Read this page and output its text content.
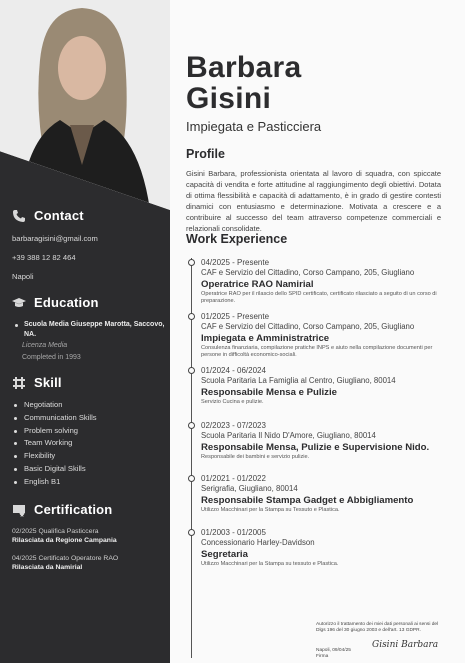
Contact
barbaragisini@gmail.com
+39 388 12 82 464
Napoli
Education
Scuola Media Giuseppe Marotta, Saccovo, NA.
Licenza Media
Completed in 1993
Skill
Negotiation
Communication Skills
Problem solving
Team Working
Flexibility
Basic Digital Skills
English B1
Certification
02/2025 Qualifica Pasticcera
Rilasciata da Regione Campania
04/2025 Certificato Operatore RAO
Rilasciata da Namirial
Barbara
Gisini
Impiegata e Pasticciera
Profile
Gisini Barbara, professionista orientata al lavoro di squadra, con spiccate capacità di vendita e forte attitudine al raggiungimento degli obiettivi. Dotata di ottima flessibilità e capacità di adattamento, è in grado di gestire contesti dinamici con entusiasmo e determinazione. Motivata a crescere e a contribuire al successo del team attraverso competenze commerciali e relazionali consolidate.
Work Experience
04/2025 - Presente
CAF e Servizio del Cittadino, Corso Campano, 205, Giugliano
Operatrice RAO Namirial
Operatrice RAO per il rilascio dello SPID certificato, certificato rilasciato a seguito di un corso di preparazione.
01/2025 - Presente
CAF e Servizio del Cittadino, Corso Campano, 205, Giugliano
Impiegata e Amministratrice
Consulenza finanziaria, compilazione pratiche INPS e aiuto nella compilazione documenti per persone in difficoltà economico-sociali.
01/2024 - 06/2024
Scuola Paritaria La Famiglia al Centro, Giugliano, 80014
Responsabile Mensa e Pulizie
Servizio Cucina e pulizie.
02/2023 - 07/2023
Scuola Paritaria Il Nido D'Amore, Giugliano, 80014
Responsabile Mensa, Pulizie e Supervisione Nido.
Responsabile dei bambini e servizio pulizie.
01/2021 - 01/2022
Serigrafia, Giugliano, 80014
Responsabile Stampa Gadget e Abbigliamento
Utilizzo Macchinari per la Stampa su Tessuto e Plastica.
01/2003 - 01/2005
Concessionario Harley-Davidson
Segretaria
Utilizzo Macchinari per la Stampa su tessuto e Plastica.
Autorizzo il trattamento dei miei dati personali ai sensi del Dlgs 196 del 30 giugno 2003 e dell'art. 13 GDPR.
Napoli, 09/04/25
Firma
Gisini Barbara
